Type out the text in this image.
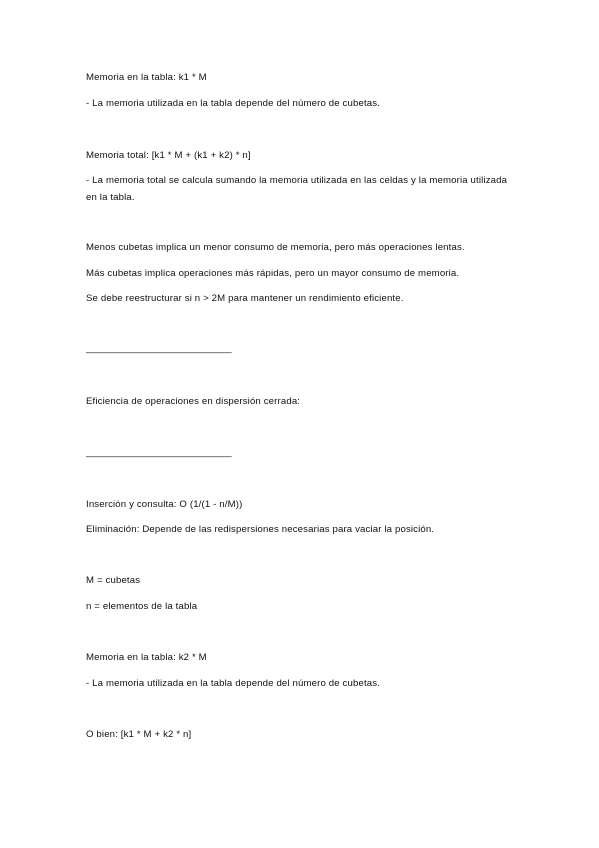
Memoria en la tabla: k1 * M
- La memoria utilizada en la tabla depende del número de cubetas.
Memoria total: [k1 * M + (k1 + k2) * n]
- La memoria total se calcula sumando la memoria utilizada en las celdas y la memoria utilizada
en la tabla.
Menos cubetas implica un menor consumo de memoria, pero más operaciones lentas.
Más cubetas implica operaciones más rápidas, pero un mayor consumo de memoria.
Se debe reestructurar si n > 2M para mantener un rendimiento eficiente.
______________________________
Eficiencia de operaciones en dispersión cerrada:
______________________________
Inserción y consulta: O (1/(1 - n/M))
Eliminación: Depende de las redispersiones necesarias para vaciar la posición.
M = cubetas
n = elementos de la tabla
Memoria en la tabla: k2 * M
- La memoria utilizada en la tabla depende del número de cubetas.
O bien: [k1 * M + k2 * n]
